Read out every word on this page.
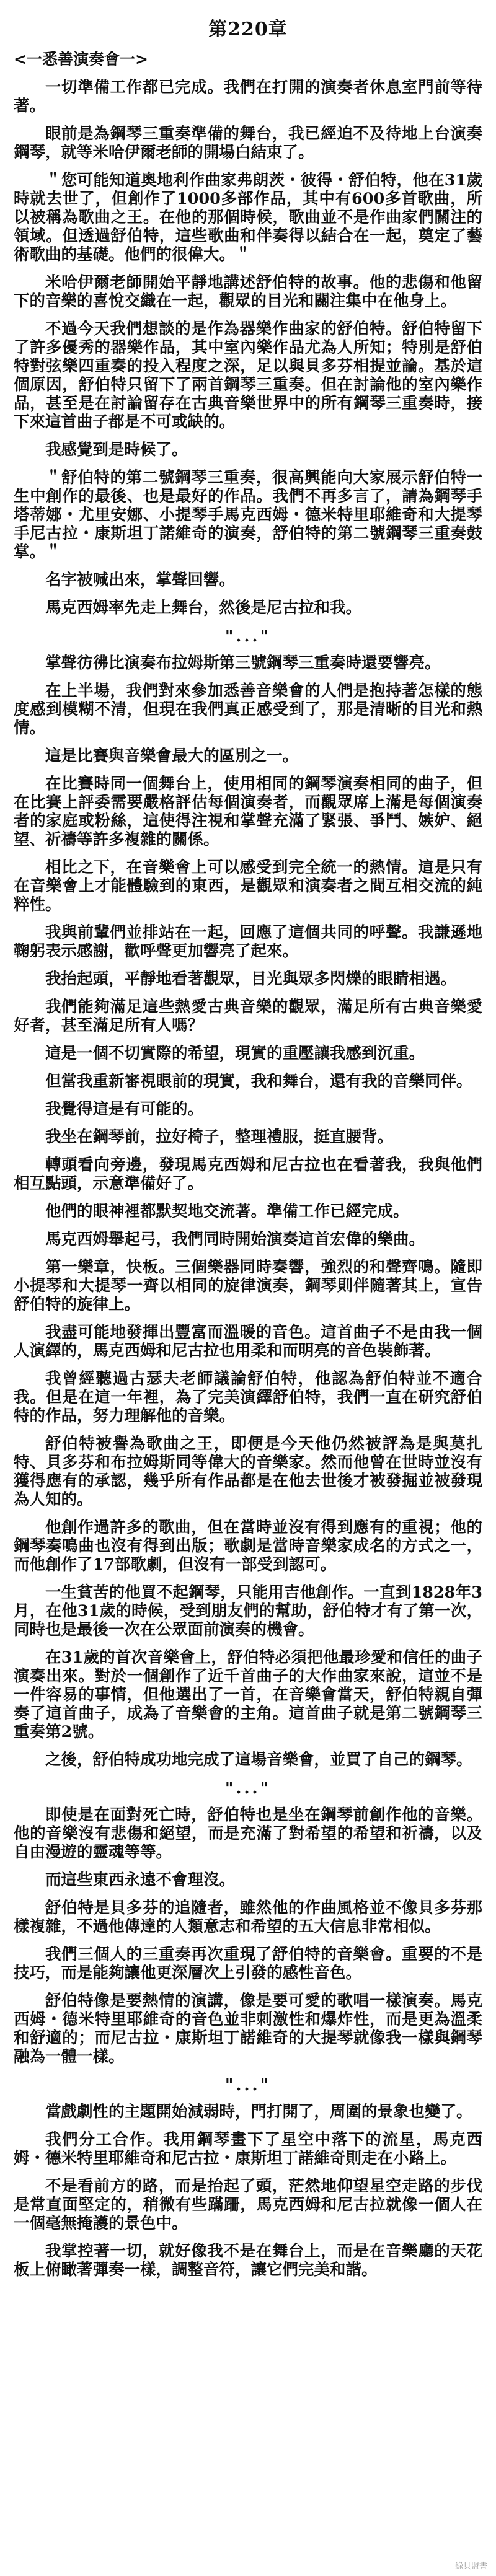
第220章
<一悉善演奏會一>
一切準備工作都已完成。我們在打開的演奏者休息室門前等待著。
眼前是為鋼琴三重奏準備的舞台，我已經迫不及待地上台演奏鋼琴，就等米哈伊爾老師的開場白結束了。
＂您可能知道奧地利作曲家弗朗茨・彼得・舒伯特，他在31歲時就去世了，但創作了1000多部作品，其中有600多首歌曲，所以被稱為歌曲之王。在他的那個時候，歌曲並不是作曲家們關注的領域。但透過舒伯特，這些歌曲和伴奏得以結合在一起，奠定了藝術歌曲的基礎。他們的很偉大。＂
米哈伊爾老師開始平靜地講述舒伯特的故事。他的悲傷和他留下的音樂的喜悅交織在一起，觀眾的目光和關注集中在他身上。
不過今天我們想談的是作為器樂作曲家的舒伯特。舒伯特留下了許多優秀的器樂作品，其中室內樂作品尤為人所知；特別是舒伯特對弦樂四重奏的投入程度之深，足以與貝多芬相提並論。基於這個原因，舒伯特只留下了兩首鋼琴三重奏。但在討論他的室內樂作品，甚至是在討論留存在古典音樂世界中的所有鋼琴三重奏時，接下來這首曲子都是不可或缺的。
我感覺到是時候了。
＂舒伯特的第二號鋼琴三重奏，很高興能向大家展示舒伯特一生中創作的最後、也是最好的作品。我們不再多言了，請為鋼琴手塔蒂娜・尤里安娜、小提琴手馬克西姆・德米特里耶維奇和大提琴手尼古拉・康斯坦丁諾維奇的演奏，舒伯特的第二號鋼琴三重奏鼓掌。＂
名字被喊出來，掌聲回響。
馬克西姆率先走上舞台，然後是尼古拉和我。
"..."
掌聲彷彿比演奏布拉姆斯第三號鋼琴三重奏時還要響亮。
在上半場，我們對來參加悉善音樂會的人們是抱持著怎樣的態度感到模糊不清，但現在我們真正感受到了，那是清晰的目光和熱情。
這是比賽與音樂會最大的區別之一。
在比賽時同一個舞台上，使用相同的鋼琴演奏相同的曲子，但在比賽上評委需要嚴格評估每個演奏者，而觀眾席上滿是每個演奏者的家庭或粉絲，這使得注視和掌聲充滿了緊張、爭鬥、嫉妒、絕望、祈禱等許多複雜的關係。
相比之下，在音樂會上可以感受到完全統一的熱情。這是只有在音樂會上才能體驗到的東西，是觀眾和演奏者之間互相交流的純粹性。
我與前輩們並排站在一起，回應了這個共同的呼聲。我謙遜地鞠躬表示感謝，歡呼聲更加響亮了起來。
我抬起頭，平靜地看著觀眾，目光與眾多閃爍的眼睛相遇。
我們能夠滿足這些熱愛古典音樂的觀眾，滿足所有古典音樂愛好者，甚至滿足所有人嗎？
這是一個不切實際的希望，現實的重壓讓我感到沉重。
但當我重新審視眼前的現實，我和舞台，還有我的音樂同伴。
我覺得這是有可能的。
我坐在鋼琴前，拉好椅子，整理禮服，挺直腰背。
轉頭看向旁邊，發現馬克西姆和尼古拉也在看著我，我與他們相互點頭，示意準備好了。
他們的眼神裡都默契地交流著。準備工作已經完成。
馬克西姆舉起弓，我們同時開始演奏這首宏偉的樂曲。
第一樂章，快板。三個樂器同時奏響，強烈的和聲齊鳴。隨即小提琴和大提琴一齊以相同的旋律演奏，鋼琴則伴隨著其上，宣告舒伯特的旋律上。
我盡可能地發揮出豐富而溫暖的音色。這首曲子不是由我一個人演繹的，馬克西姆和尼古拉也用柔和而明亮的音色裝飾著。
我曾經聽過古瑟夫老師議論舒伯特，他認為舒伯特並不適合我。但是在這一年裡，為了完美演繹舒伯特，我們一直在研究舒伯特的作品，努力理解他的音樂。
舒伯特被譽為歌曲之王，即便是今天他仍然被評為是與莫扎特、貝多芬和布拉姆斯同等偉大的音樂家。然而他曾在世時並沒有獲得應有的承認，幾乎所有作品都是在他去世後才被發掘並被發現為人知的。
他創作過許多的歌曲，但在當時並沒有得到應有的重視；他的鋼琴奏鳴曲也沒有得到出版；歌劇是當時音樂家成名的方式之一，而他創作了17部歌劇，但沒有一部受到認可。
一生貧苦的他買不起鋼琴，只能用吉他創作。一直到1828年3月，在他31歲的時候，受到朋友們的幫助，舒伯特才有了第一次，同時也是最後一次在公眾面前演奏的機會。
在31歲的首次音樂會上，舒伯特必須把他最珍愛和信任的曲子演奏出來。對於一個創作了近千首曲子的大作曲家來說，這並不是一件容易的事情，但他選出了一首，在音樂會當天，舒伯特親自彈奏了這首曲子，成為了音樂會的主角。這首曲子就是第二號鋼琴三重奏第2號。
之後，舒伯特成功地完成了這場音樂會，並買了自己的鋼琴。
"..."
即使是在面對死亡時，舒伯特也是坐在鋼琴前創作他的音樂。他的音樂沒有悲傷和絕望，而是充滿了對希望的希望和祈禱，以及自由漫遊的靈魂等等。
而這些東西永遠不會理沒。
舒伯特是貝多芬的追隨者，雖然他的作曲風格並不像貝多芬那樣複雜，不過他傳達的人類意志和希望的五大信息非常相似。
我們三個人的三重奏再次重現了舒伯特的音樂會。重要的不是技巧，而是能夠讓他更深層次上引發的感性音色。
舒伯特像是要熱情的演講，像是要可愛的歌唱一樣演奏。馬克西姆・德米特里耶維奇的音色並非刺激性和爆炸性，而是更為溫柔和舒適的；而尼古拉・康斯坦丁諾維奇的大提琴就像我一樣與鋼琴融為一體一樣。
"..."
當戲劇性的主題開始減弱時，門打開了，周圍的景象也變了。
我們分工合作。我用鋼琴畫下了星空中落下的流星，馬克西姆・德米特里耶維奇和尼古拉・康斯坦丁諾維奇則走在小路上。
不是看前方的路，而是抬起了頭，茫然地仰望星空走路的步伐是常直面堅定的，稍微有些蹣跚，馬克西姆和尼古拉就像一個人在一個毫無掩護的景色中。
我掌控著一切，就好像我不是在舞台上，而是在音樂廳的天花板上俯瞰著彈奏一樣，調整音符，讓它們完美和諧。
綠貝盟書
